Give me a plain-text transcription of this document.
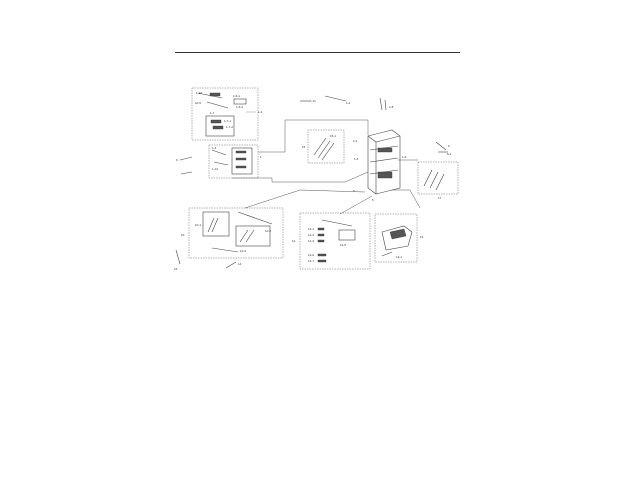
1-10
10-5
1-6-1
1-6-2
1-7
1-7-1
1-7-2
1-3
1-1
1
1-12
9
1-11	1-2
1-8
15
15-1
1-4
1-5	1-9
5
5
6
6-1
17
10-1
10-2
10-3
10
16
14
12-1
12-2
12-3
12-5
12-6
12-7
12
13
13-1
